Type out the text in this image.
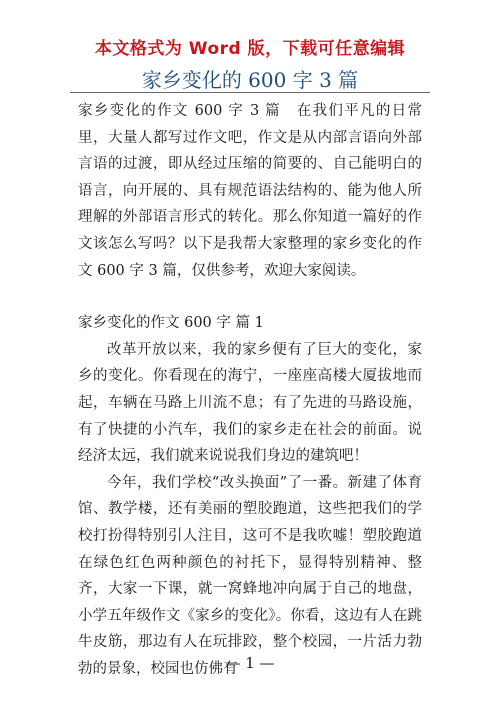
本文格式为 Word 版，下载可任意编辑
家乡变化的 600 字 3 篇

家乡变化的作文 600 字 3 篇　在我们平凡的日常里，大量人都写过作文吧，作文是从内部言语向外部言语的过渡，即从经过压缩的简要的、自己能明白的语言，向开展的、具有规范语法结构的、能为他人所理解的外部语言形式的转化。那么你知道一篇好的作文该怎么写吗？以下是我帮大家整理的家乡变化的作文 600 字 3 篇，仅供参考，欢迎大家阅读。

家乡变化的作文 600 字 篇 1

改革开放以来，我的家乡便有了巨大的变化，家乡的变化。你看现在的海宁，一座座高楼大厦拔地而起，车辆在马路上川流不息；有了先进的马路设施，有了快捷的小汽车，我们的家乡走在社会的前面。说经济太远，我们就来说说我们身边的建筑吧！

今年，我们学校“改头换面”了一番。新建了体育馆、教学楼，还有美丽的塑胶跑道，这些把我们的学校打扮得特别引人注目，这可不是我吹嘘！塑胶跑道在绿色红色两种颜色的衬托下，显得特别精神、整齐，大家一下课，就一窝蜂地冲向属于自己的地盘，小学五年级作文《家乡的变化》。你看，这边有人在跳牛皮筋，那边有人在玩排跤，整个校园，一片活力勃勃的景象，校园也仿佛有

— 1 —
